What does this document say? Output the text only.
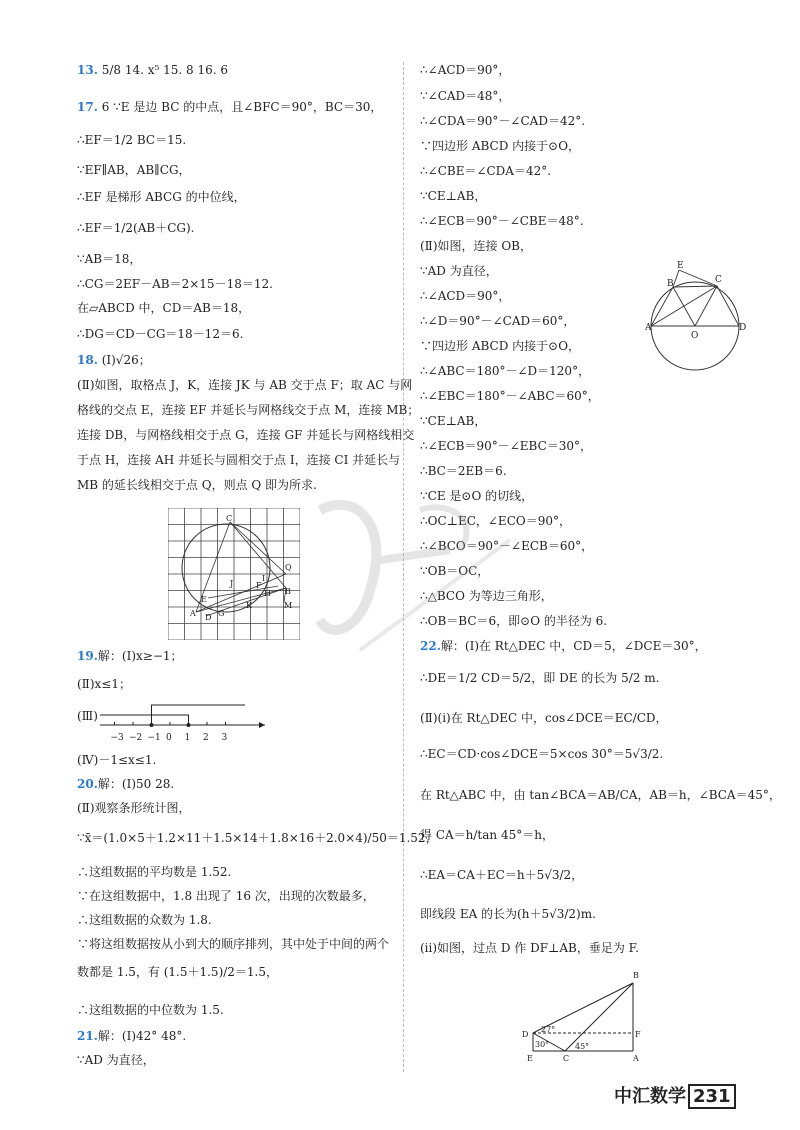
13. 5/8 14. x⁵ 15. 8 16. 6
17. 6 ∵E 是边 BC 的中点，且∠BFC＝90°，BC＝30，
∴EF＝1/2 BC＝15.
∵EF∥AB，AB∥CG，
∴EF 是梯形 ABCG 的中位线，
∴EF＝1/2(AB＋CG).
∵AB＝18，
∴CG＝2EF－AB＝2×15－18＝12.
在▱ABCD 中，CD＝AB＝18，
∴DG＝CD－CG＝18－12＝6.
18. (Ⅰ)√26；
(Ⅱ)如图，取格点 J，K，连接 JK 与 AB 交于点 F；取 AC 与网
格线的交点 E，连接 EF 并延长与网格线交于点 M，连接 MB；
连接 DB，与网格线相交于点 G，连接 GF 并延长与网格线相交
于点 H，连接 AH 并延长与圆相交于点 I，连接 CI 并延长与
MB 的延长线相交于点 Q，则点 Q 即为所求.
19.解：(Ⅰ)x≥−1；
(Ⅱ)x≤1；
(Ⅲ)
(Ⅳ)－1≤x≤1.
20.解：(Ⅰ)50 28.
(Ⅱ)观察条形统计图，
∵x̄＝(1.0×5＋1.2×11＋1.5×14＋1.8×16＋2.0×4)/50＝1.52，
∴这组数据的平均数是 1.52.
∵在这组数据中，1.8 出现了 16 次，出现的次数最多，
∴这组数据的众数为 1.8.
∵将这组数据按从小到大的顺序排列，其中处于中间的两个
数都是 1.5，有 (1.5＋1.5)/2＝1.5，
∴这组数据的中位数为 1.5.
21.解：(Ⅰ)42° 48°.
∵AD 为直径，
∴∠ACD＝90°，
∵∠CAD＝48°，
∴∠CDA＝90°－∠CAD＝42°.
∵四边形 ABCD 内接于⊙O，
∴∠CBE＝∠CDA＝42°.
∵CE⊥AB，
∴∠ECB＝90°－∠CBE＝48°.
(Ⅱ)如图，连接 OB，
∵AD 为直径，
∴∠ACD＝90°，
∴∠D＝90°－∠CAD＝60°，
∵四边形 ABCD 内接于⊙O，
∴∠ABC＝180°－∠D＝120°，
∴∠EBC＝180°－∠ABC＝60°，
∵CE⊥AB，
∴∠ECB＝90°－∠EBC＝30°，
∴BC＝2EB＝6.
∵CE 是⊙O 的切线，
∴OC⊥EC，∠ECO＝90°，
∴∠BCO＝90°－∠ECB＝60°，
∵OB＝OC，
∴△BCO 为等边三角形，
∴OB＝BC＝6，即⊙O 的半径为 6.
22.解：(Ⅰ)在 Rt△DEC 中，CD＝5，∠DCE＝30°，
∴DE＝1/2 CD＝5/2，即 DE 的长为 5/2 m.
(Ⅱ)(ⅰ)在 Rt△DEC 中，cos∠DCE＝EC/CD，
∴EC＝CD·cos∠DCE＝5×cos 30°＝5√3/2.
在 Rt△ABC 中，由 tan∠BCA＝AB/CA，AB＝h，∠BCA＝45°，
得 CA＝h/tan 45°＝h，
∴EA＝CA＋EC＝h＋5√3/2，
即线段 EA 的长为(h＋5√3/2)m.
(ⅱ)如图，过点 D 作 DF⊥AB，垂足为 F.
C
E
J
I
F
H
Q
M
B
A D G
K
−3 −2 −1 0 1 2 3
E
C
B
A
O
D
B
D	F
E	C	A
27°
45°
30°
中汇数学 231
